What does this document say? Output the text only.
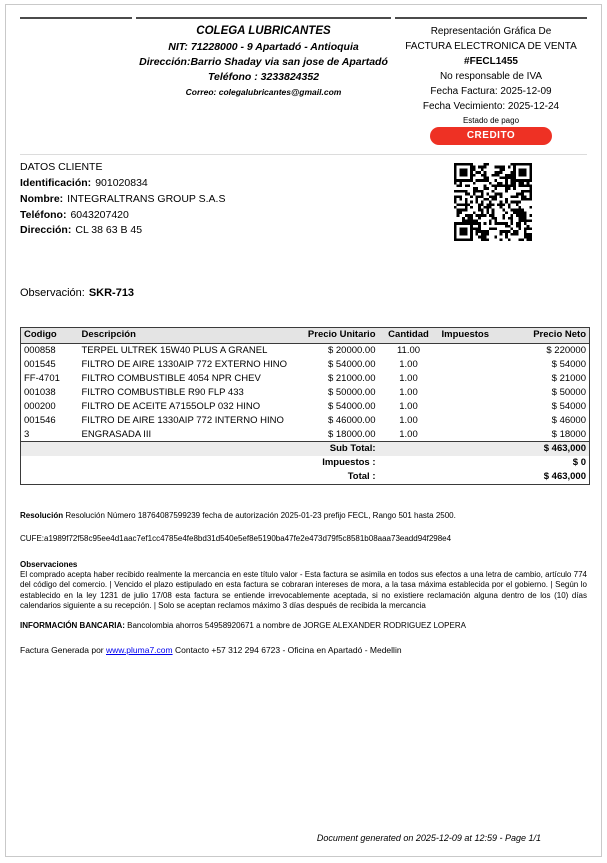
COLEGA LUBRICANTES
NIT: 71228000 - 9 Apartadó - Antioquia
Dirección:Barrio Shaday via san jose de Apartadó
Teléfono : 3233824352
Correo: colegalubricantes@gmail.com
Representación Gráfica De
FACTURA ELECTRONICA DE VENTA
#FECL1455
No responsable de IVA
Fecha Factura: 2025-12-09
Fecha Vecimiento: 2025-12-24
Estado de pago
CREDITO
DATOS CLIENTE
Identificación: 901020834
Nombre: INTEGRALTRANS GROUP S.A.S
Teléfono: 6043207420
Dirección: CL 38 63 B 45
Observación: SKR-713
Codigo	Descripción	Precio Unitario	Cantidad	Impuestos	Precio Neto
000858	TERPEL ULTREK 15W40 PLUS A GRANEL	$ 20000.00	11.00		$ 220000
001545	FILTRO DE AIRE 1330AIP 772 EXTERNO HINO	$ 54000.00	1.00		$ 54000
FF-4701	FILTRO COMBUSTIBLE 4054 NPR CHEV	$ 21000.00	1.00		$ 21000
001038	FILTRO COMBUSTIBLE R90 FLP 433	$ 50000.00	1.00		$ 50000
000200	FILTRO DE ACEITE A7155OLP 032 HINO	$ 54000.00	1.00		$ 54000
001546	FILTRO DE AIRE 1330AIP 772 INTERNO HINO	$ 46000.00	1.00		$ 46000
3	ENGRASADA III	$ 18000.00	1.00		$ 18000
Sub Total:			$ 463,000		
Impuestos :			$ 0		
Total :			$ 463,000		
Resolución Resolución Número 18764087599239 fecha de autorización 2025-01-23 prefijo FECL, Rango 501 hasta 2500.
CUFE:a1989f72f58c95ee4d1aac7ef1cc4785e4fe8bd31d540e5ef8e5190ba47fe2e473d79f5c8581b08aaa73eadd94f298e4
Observaciones
El comprado acepta haber recibido realmente la mercancia en este título valor - Esta factura se asimila en todos sus efectos a una letra de cambio, artículo 774 del código del comercio. | Vencido el plazo estipulado en esta factura se cobraran intereses de mora, a la tasa máxima establecida por el gobierno. | Según lo establecido en la ley 1231 de julio 17/08 esta factura se entiende irrevocablemente aceptada, si no existiere reclamación alguna dentro de los (10) días calendarios siguiente a su recepción. | Solo se aceptan reclamos máximo 3 días después de recibida la mercancia
INFORMACIÓN BANCARIA: Bancolombia ahorros 54958920671 a nombre de JORGE ALEXANDER RODRIGUEZ LOPERA
Factura Generada por www.pluma7.com Contacto +57 312 294 6723 - Oficina en Apartadó - Medellin
Document generated on 2025-12-09 at 12:59 - Page 1/1
